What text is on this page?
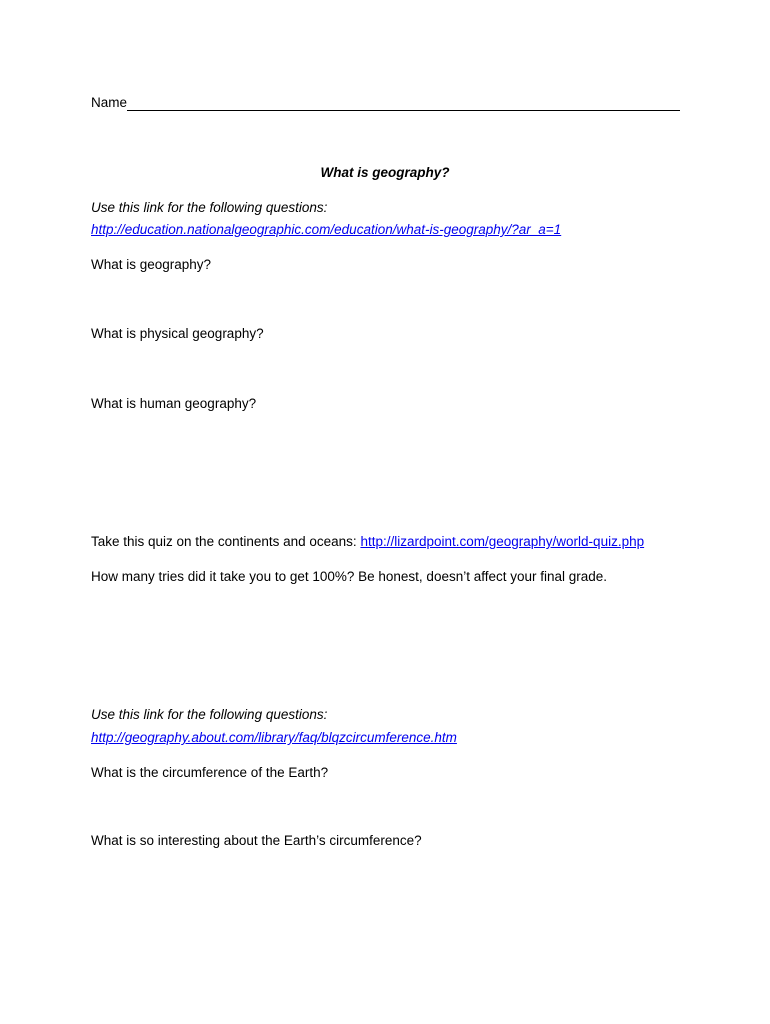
Name
What is geography?
Use this link for the following questions:
http://education.nationalgeographic.com/education/what-is-geography/?ar_a=1
What is geography?
What is physical geography?
What is human geography?
Take this quiz on the continents and oceans: http://lizardpoint.com/geography/world-quiz.php
How many tries did it take you to get 100%? Be honest, doesn’t affect your final grade.
Use this link for the following questions:
http://geography.about.com/library/faq/blqzcircumference.htm
What is the circumference of the Earth?
What is so interesting about the Earth’s circumference?
